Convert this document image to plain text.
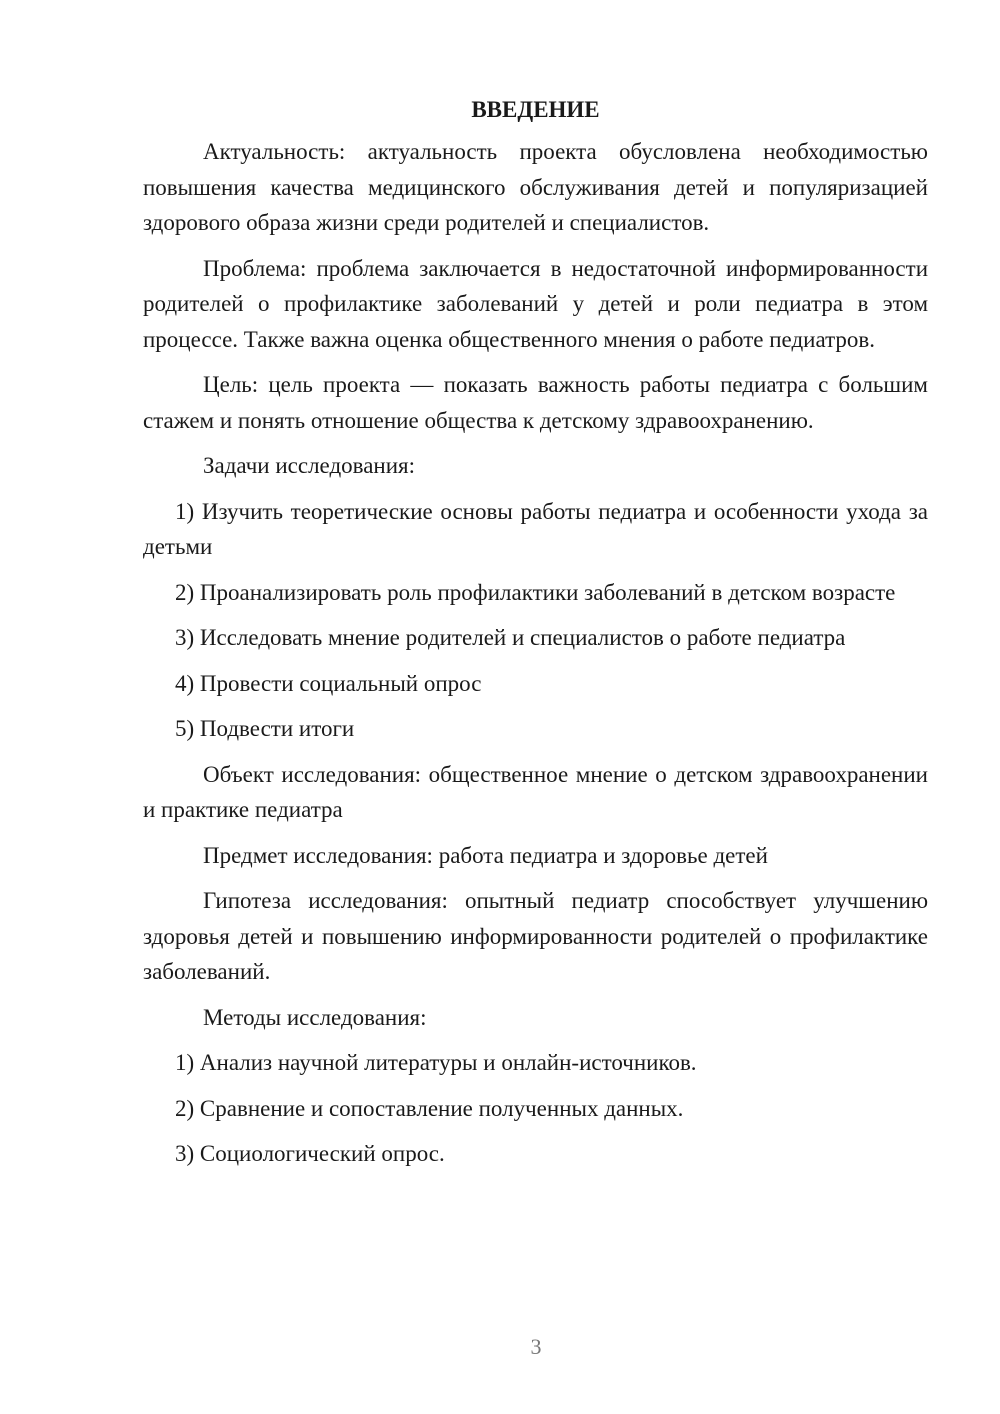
ВВЕДЕНИЕ

Актуальность: актуальность проекта обусловлена необходимостью повышения качества медицинского обслуживания детей и популяризацией здорового образа жизни среди родителей и специалистов.

Проблема: проблема заключается в недостаточной информированности родителей о профилактике заболеваний у детей и роли педиатра в этом процессе. Также важна оценка общественного мнения о работе педиатров.

Цель: цель проекта — показать важность работы педиатра с большим стажем и понять отношение общества к детскому здравоохранению.

Задачи исследования:

1) Изучить теоретические основы работы педиатра и особенности ухода за детьми

2) Проанализировать роль профилактики заболеваний в детском возрасте

3) Исследовать мнение родителей и специалистов о работе педиатра

4) Провести социальный опрос

5) Подвести итоги

Объект исследования: общественное мнение о детском здравоохранении и практике педиатра

Предмет исследования: работа педиатра и здоровье детей

Гипотеза исследования: опытный педиатр способствует улучшению здоровья детей и повышению информированности родителей о профилактике заболеваний.

Методы исследования:

1) Анализ научной литературы и онлайн-источников.

2) Сравнение и сопоставление полученных данных.

3) Социологический опрос.

3
